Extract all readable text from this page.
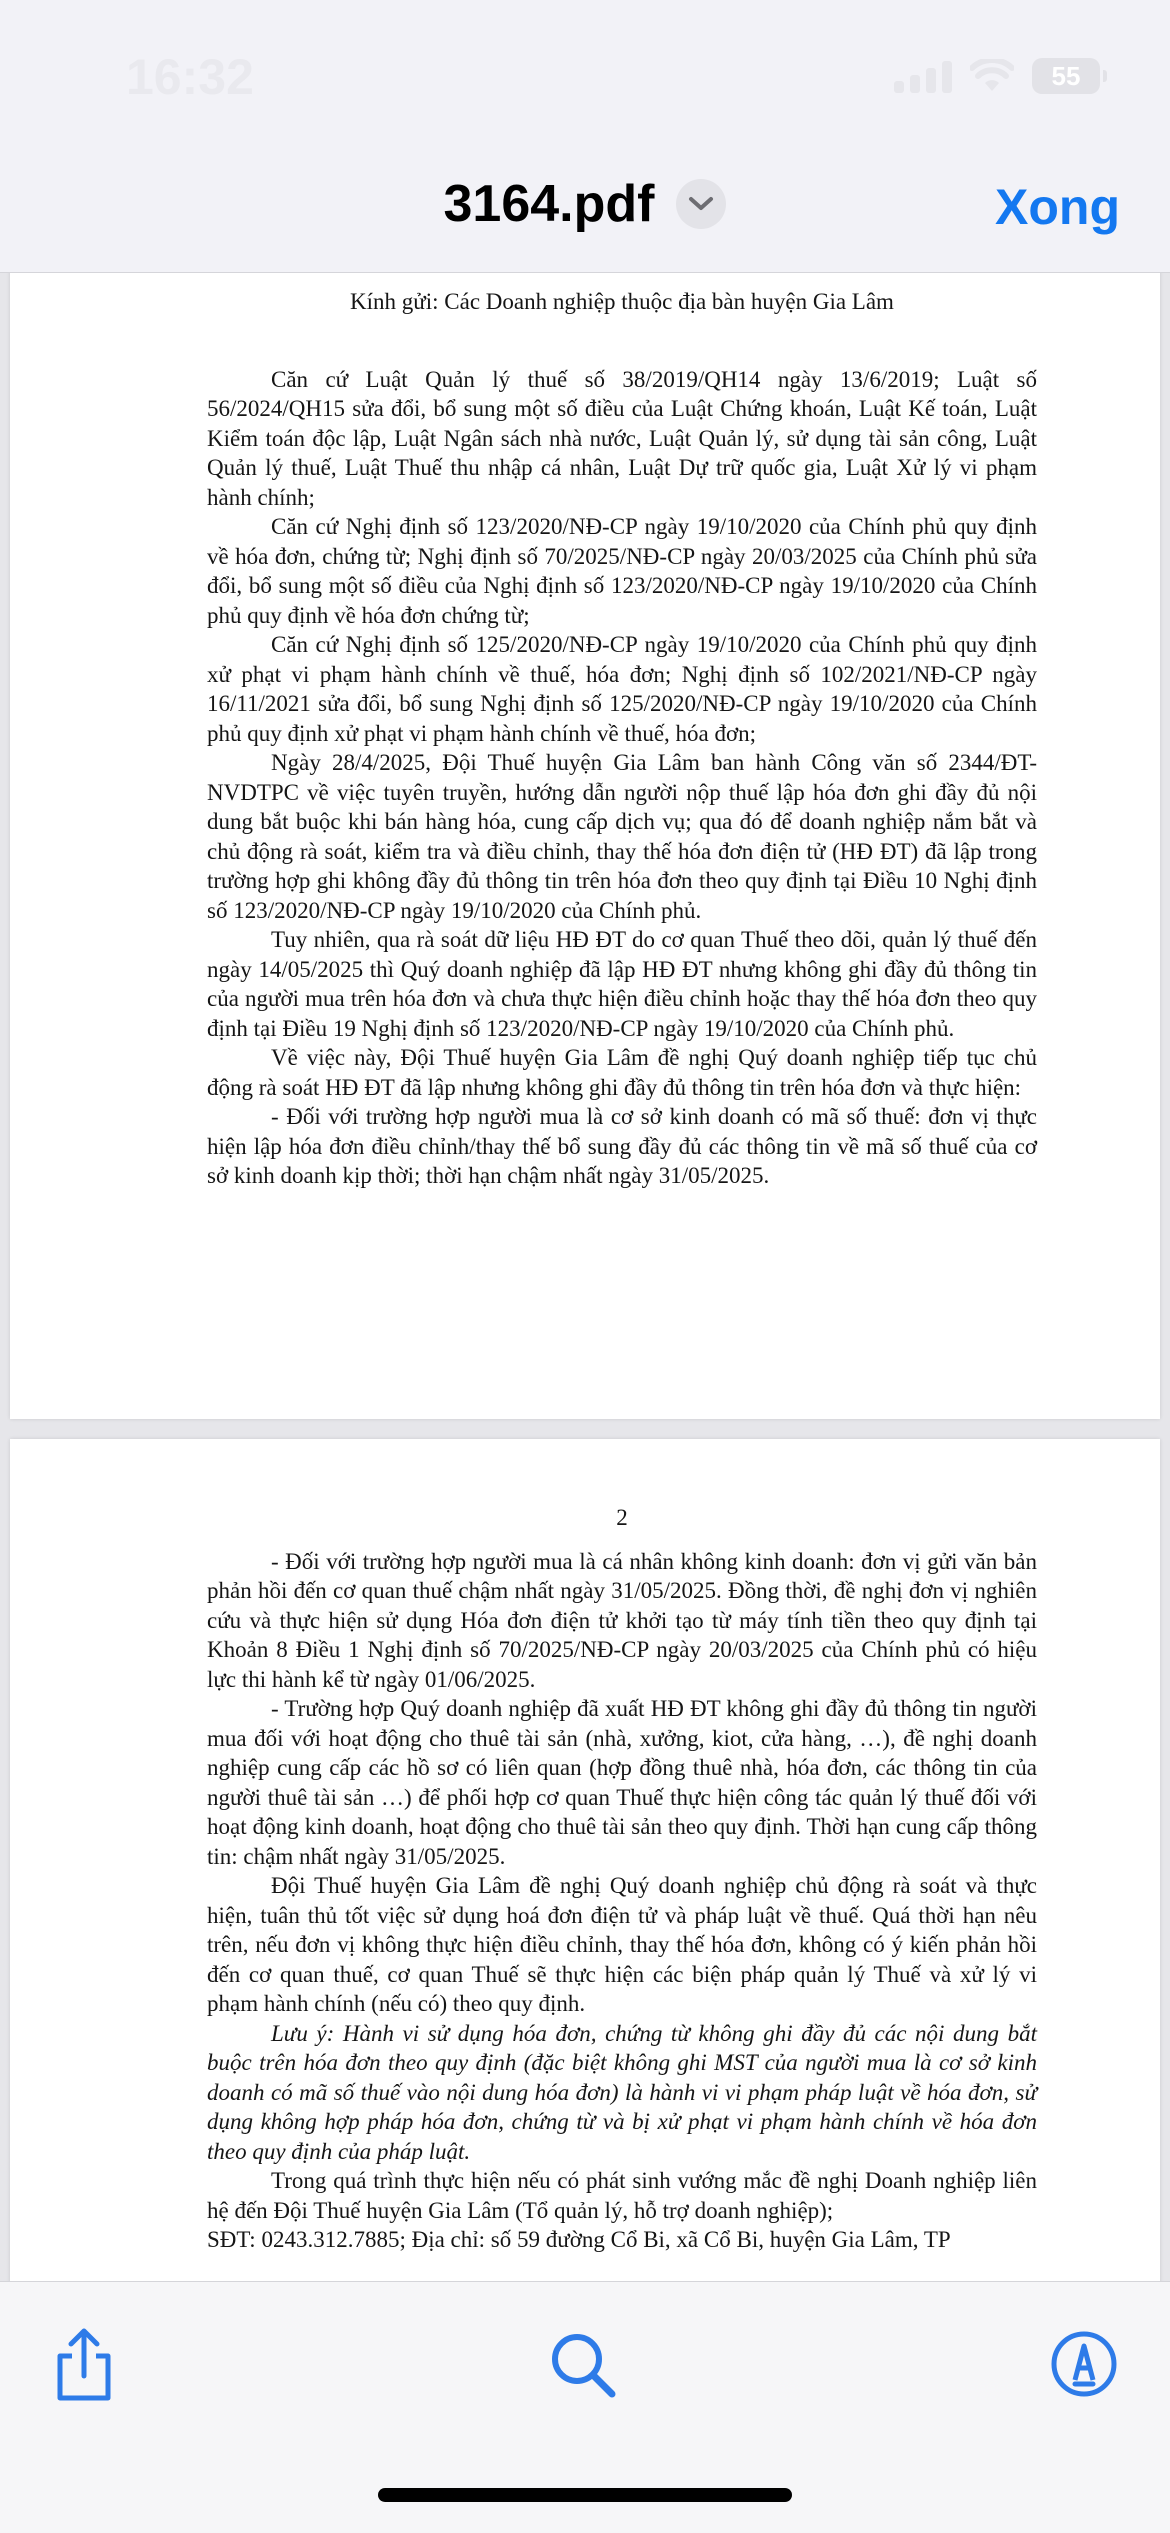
16:32	55
3164.pdf	Xong

Kính gửi: Các Doanh nghiệp thuộc địa bàn huyện Gia Lâm

Căn cứ Luật Quản lý thuế số 38/2019/QH14 ngày 13/6/2019; Luật số 56/2024/QH15 sửa đổi, bổ sung một số điều của Luật Chứng khoán, Luật Kế toán, Luật Kiểm toán độc lập, Luật Ngân sách nhà nước, Luật Quản lý, sử dụng tài sản công, Luật Quản lý thuế, Luật Thuế thu nhập cá nhân, Luật Dự trữ quốc gia, Luật Xử lý vi phạm hành chính;

Căn cứ Nghị định số 123/2020/NĐ-CP ngày 19/10/2020 của Chính phủ quy định về hóa đơn, chứng từ; Nghị định số 70/2025/NĐ-CP ngày 20/03/2025 của Chính phủ sửa đổi, bổ sung một số điều của Nghị định số 123/2020/NĐ-CP ngày 19/10/2020 của Chính phủ quy định về hóa đơn chứng từ;

Căn cứ Nghị định số 125/2020/NĐ-CP ngày 19/10/2020 của Chính phủ quy định xử phạt vi phạm hành chính về thuế, hóa đơn; Nghị định số 102/2021/NĐ-CP ngày 16/11/2021 sửa đổi, bổ sung Nghị định số 125/2020/NĐ-CP ngày 19/10/2020 của Chính phủ quy định xử phạt vi phạm hành chính về thuế, hóa đơn;

Ngày 28/4/2025, Đội Thuế huyện Gia Lâm ban hành Công văn số 2344/ĐT-NVDTPC về việc tuyên truyền, hướng dẫn người nộp thuế lập hóa đơn ghi đầy đủ nội dung bắt buộc khi bán hàng hóa, cung cấp dịch vụ; qua đó để doanh nghiệp nắm bắt và chủ động rà soát, kiểm tra và điều chỉnh, thay thế hóa đơn điện tử (HĐ ĐT) đã lập trong trường hợp ghi không đầy đủ thông tin trên hóa đơn theo quy định tại Điều 10 Nghị định số 123/2020/NĐ-CP ngày 19/10/2020 của Chính phủ.

Tuy nhiên, qua rà soát dữ liệu HĐ ĐT do cơ quan Thuế theo dõi, quản lý thuế đến ngày 14/05/2025 thì Quý doanh nghiệp đã lập HĐ ĐT nhưng không ghi đầy đủ thông tin của người mua trên hóa đơn và chưa thực hiện điều chỉnh hoặc thay thế hóa đơn theo quy định tại Điều 19 Nghị định số 123/2020/NĐ-CP ngày 19/10/2020 của Chính phủ.

Về việc này, Đội Thuế huyện Gia Lâm đề nghị Quý doanh nghiệp tiếp tục chủ động rà soát HĐ ĐT đã lập nhưng không ghi đầy đủ thông tin trên hóa đơn và thực hiện:

- Đối với trường hợp người mua là cơ sở kinh doanh có mã số thuế: đơn vị thực hiện lập hóa đơn điều chỉnh/thay thế bổ sung đầy đủ các thông tin về mã số thuế của cơ sở kinh doanh kịp thời; thời hạn chậm nhất ngày 31/05/2025.

2

- Đối với trường hợp người mua là cá nhân không kinh doanh: đơn vị gửi văn bản phản hồi đến cơ quan thuế chậm nhất ngày 31/05/2025. Đồng thời, đề nghị đơn vị nghiên cứu và thực hiện sử dụng Hóa đơn điện tử khởi tạo từ máy tính tiền theo quy định tại Khoản 8 Điều 1 Nghị định số 70/2025/NĐ-CP ngày 20/03/2025 của Chính phủ có hiệu lực thi hành kể từ ngày 01/06/2025.

- Trường hợp Quý doanh nghiệp đã xuất HĐ ĐT không ghi đầy đủ thông tin người mua đối với hoạt động cho thuê tài sản (nhà, xưởng, kiot, cửa hàng, …), đề nghị doanh nghiệp cung cấp các hồ sơ có liên quan (hợp đồng thuê nhà, hóa đơn, các thông tin của người thuê tài sản …) để phối hợp cơ quan Thuế thực hiện công tác quản lý thuế đối với hoạt động kinh doanh, hoạt động cho thuê tài sản theo quy định. Thời hạn cung cấp thông tin: chậm nhất ngày 31/05/2025.

Đội Thuế huyện Gia Lâm đề nghị Quý doanh nghiệp chủ động rà soát và thực hiện, tuân thủ tốt việc sử dụng hoá đơn điện tử và pháp luật về thuế. Quá thời hạn nêu trên, nếu đơn vị không thực hiện điều chỉnh, thay thế hóa đơn, không có ý kiến phản hồi đến cơ quan thuế, cơ quan Thuế sẽ thực hiện các biện pháp quản lý Thuế và xử lý vi phạm hành chính (nếu có) theo quy định.

Lưu ý: Hành vi sử dụng hóa đơn, chứng từ không ghi đầy đủ các nội dung bắt buộc trên hóa đơn theo quy định (đặc biệt không ghi MST của người mua là cơ sở kinh doanh có mã số thuế vào nội dung hóa đơn) là hành vi vi phạm pháp luật về hóa đơn, sử dụng không hợp pháp hóa đơn, chứng từ và bị xử phạt vi phạm hành chính về hóa đơn theo quy định của pháp luật.

Trong quá trình thực hiện nếu có phát sinh vướng mắc đề nghị Doanh nghiệp liên hệ đến Đội Thuế huyện Gia Lâm (Tổ quản lý, hỗ trợ doanh nghiệp);

SĐT: 0243.312.7885; Địa chỉ: số 59 đường Cổ Bi, xã Cổ Bi, huyện Gia Lâm, TP
